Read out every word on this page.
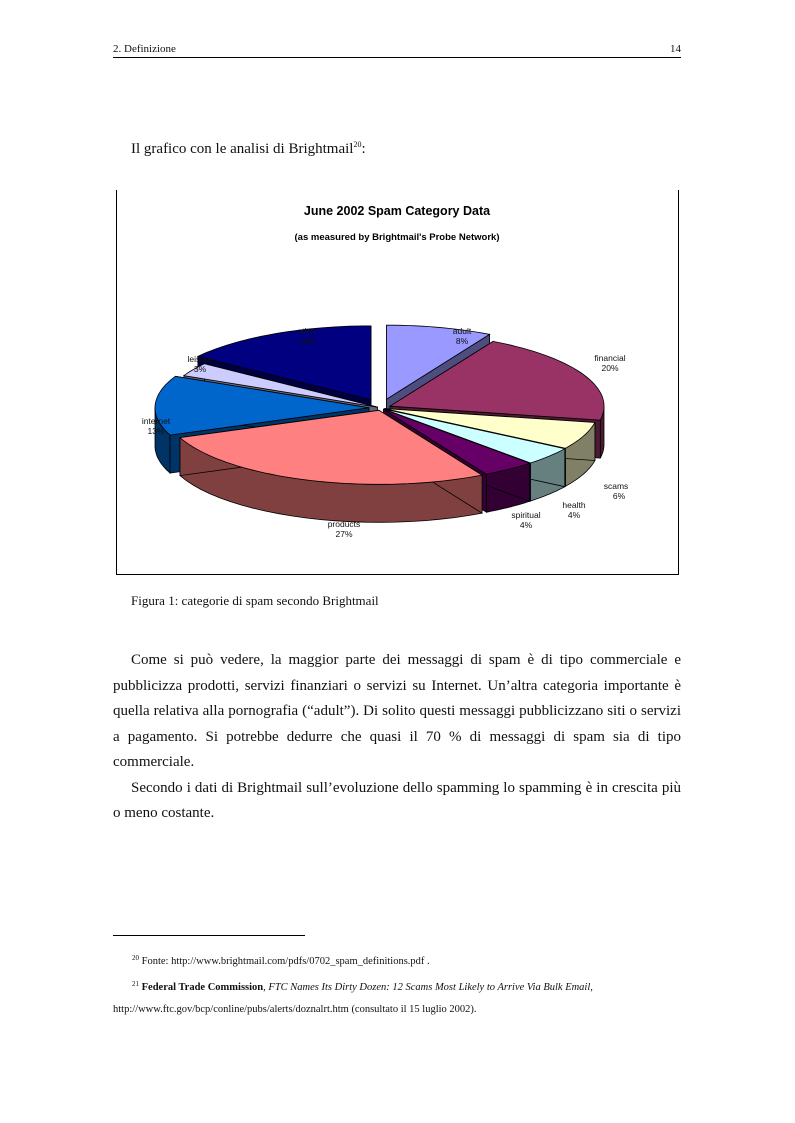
2. Definizione	14
Il grafico con le analisi di Brightmail$^{20}$:
June 2002 Spam Category Data
(as measured by Brightmail's Probe Network)
adult
8%
financial
20%
scams
6%
health
4%
spiritual
4%
products
27%
internet
13%
leisure
3%
other
15%
Figura 1: categorie di spam secondo Brightmail

Come si può vedere, la maggior parte dei messaggi di spam è di tipo commerciale e pubblicizza prodotti, servizi finanziari o servizi su Internet. Un’altra categoria importante è quella relativa alla pornografia (“adult”). Di solito questi messaggi pubblicizzano siti o servizi a pagamento. Si potrebbe dedurre che quasi il 70 % di messaggi di spam sia di tipo commerciale.

Secondo i dati di Brightmail sull’evoluzione dello spamming lo spamming è in crescita più o meno costante.

$^{20}$ Fonte: http://www.brightmail.com/pdfs/0702_spam_definitions.pdf .

$^{21}$ Federal Trade Commission, FTC Names Its Dirty Dozen: 12 Scams Most Likely to Arrive Via Bulk Email,

http://www.ftc.gov/bcp/conline/pubs/alerts/doznalrt.htm (consultato il 15 luglio 2002).
